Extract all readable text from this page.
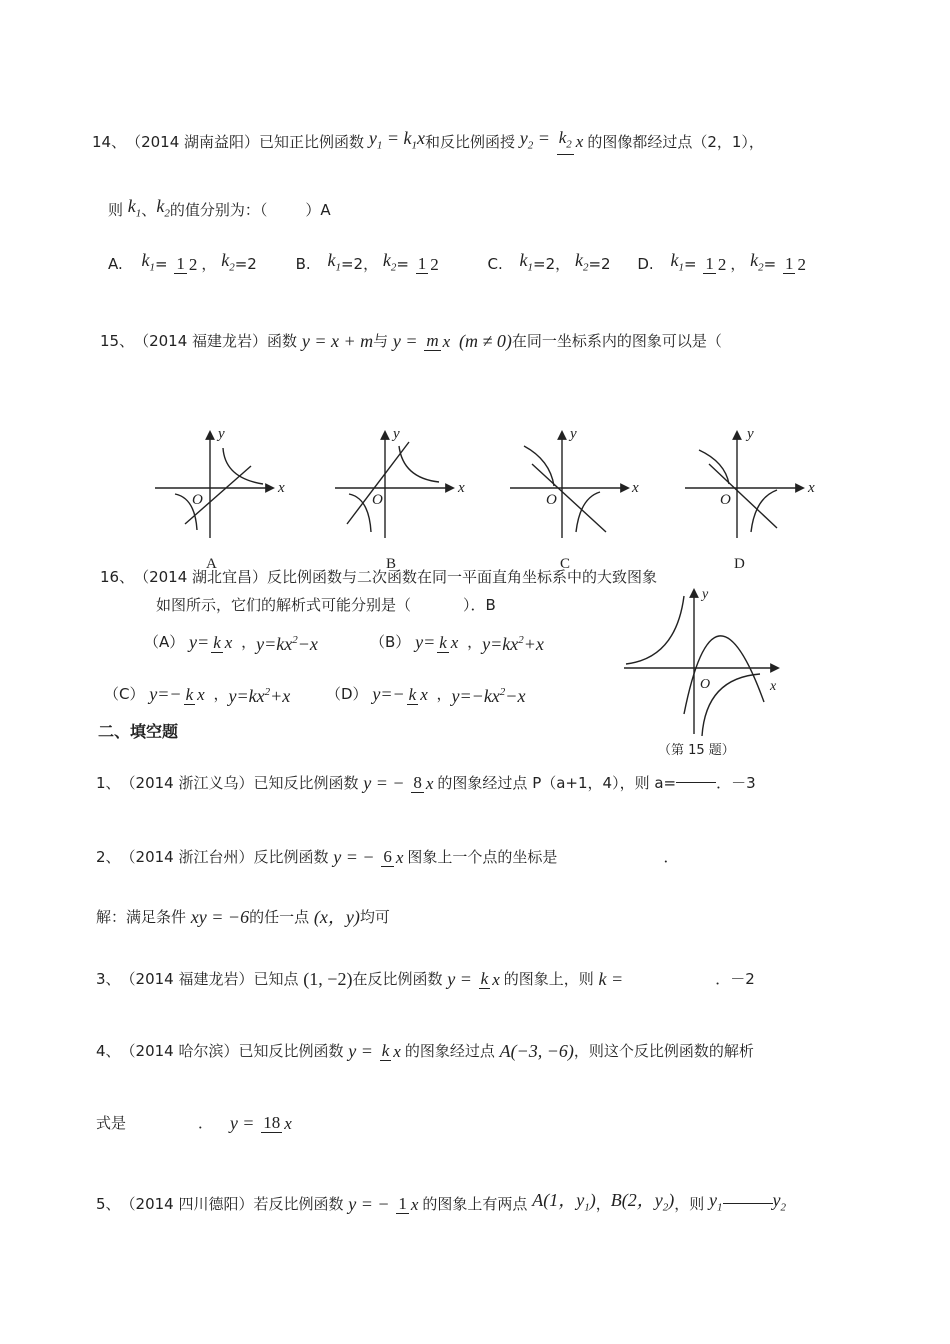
14、（2014 湖南益阳）已知正比例函数 $y_1 = k_1x$和反比例函授 $y_2 = k_2$ x 的图像都经过点（2，1），
则 $k_1$、$k_2$的值分别为：（	）A
A. $k_1= 1$ 2 ， $k_2=2$	B. $k_1=2$， $k_2= 1$ 2	C. $k_1=2$， $k_2=2$ D. $k_1= 1$ 2 ， $k_2= 1$ 2
15、（2014 福建龙岩）函数 y = x + m与 y = m x (m ≠ 0)在同一坐标系内的图象可以是（
x
y
O
x
y
O
x
y
O
x
y
O
A	B	C	D
16、（2014 湖北宜昌）反比例函数与二次函数在同一平面直角坐标系中的大致图象
如图所示，它们的解析式可能分别是（	）．B
（A） y= k x ，$y=kx^2-x$	（B） y= k x ，$y=kx^2+x$
（C） y=− k x ，$y=kx^2+x$ （D） y=− k x ，$y=-kx^2-x$	x
y
O
（第 15 题）
二、填空题
1、（2014 浙江义乌）已知反比例函数 y = − 8 x 的图象经过点 P（a+1，4），则 a=	．－3
2、（2014 浙江台州）反比例函数 y = − 6 x 图象上一个点的坐标是	．
解：满足条件 xy = −6的任一点 (x，y)均可
3、（2014 福建龙岩）已知点 (1, −2)在反比例函数 y = k x 的图象上，则 k =	．－2
4、（2014 哈尔滨）已知反比例函数 y = k x 的图象经过点 A(−3, −6)，则这个反比例函数的解析
式是	． y = 18 x
5、（2014 四川德阳）若反比例函数 y = − 1 x 的图象上有两点 A(1，$y_1$)，B(2，$y_2$)，则 $y_1$	$y_2$
